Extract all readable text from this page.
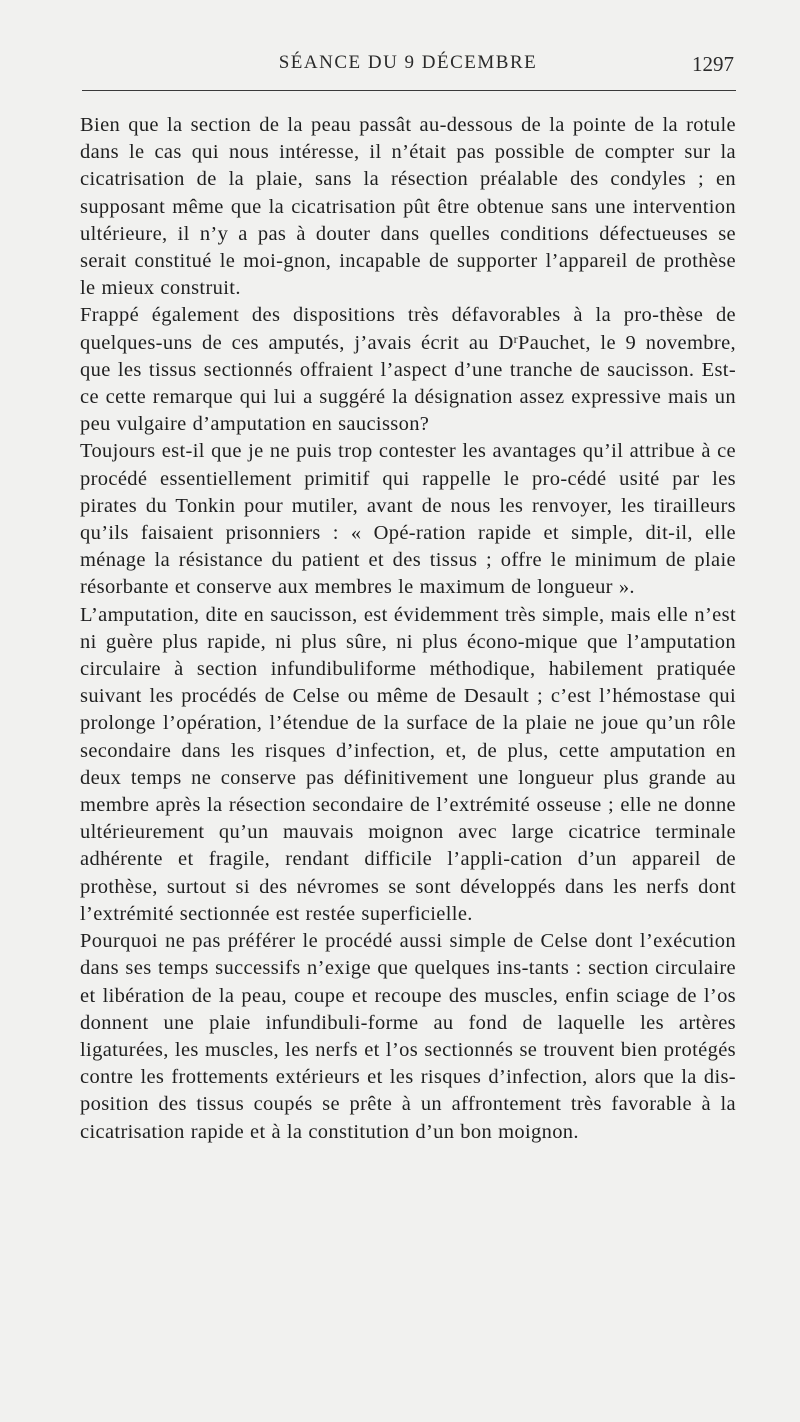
SÉANCE DU 9 DÉCEMBRE	1297

Bien que la section de la peau passât au-dessous de la pointe de la rotule dans le cas qui nous intéresse, il n’était pas possible de compter sur la cicatrisation de la plaie, sans la résection préalable des condyles ; en supposant même que la cicatrisation pût être obtenue sans une intervention ultérieure, il n’y a pas à douter dans quelles conditions défectueuses se serait constitué le moi-gnon, incapable de supporter l’appareil de prothèse le mieux construit.

Frappé également des dispositions très défavorables à la pro-thèse de quelques-uns de ces amputés, j’avais écrit au $D^rPauchet$, le 9 novembre, que les tissus sectionnés offraient l’aspect d’une tranche de saucisson. Est-ce cette remarque qui lui a suggéré la désignation assez expressive mais un peu vulgaire d’amputation en saucisson?

Toujours est-il que je ne puis trop contester les avantages qu’il attribue à ce procédé essentiellement primitif qui rappelle le pro-cédé usité par les pirates du Tonkin pour mutiler, avant de nous les renvoyer, les tirailleurs qu’ils faisaient prisonniers : « Opé-ration rapide et simple, dit-il, elle ménage la résistance du patient et des tissus ; offre le minimum de plaie résorbante et conserve aux membres le maximum de longueur ».

L’amputation, dite en saucisson, est évidemment très simple, mais elle n’est ni guère plus rapide, ni plus sûre, ni plus écono-mique que l’amputation circulaire à section infundibuliforme méthodique, habilement pratiquée suivant les procédés de Celse ou même de Desault ; c’est l’hémostase qui prolonge l’opération, l’étendue de la surface de la plaie ne joue qu’un rôle secondaire dans les risques d’infection, et, de plus, cette amputation en deux temps ne conserve pas définitivement une longueur plus grande au membre après la résection secondaire de l’extrémité osseuse ; elle ne donne ultérieurement qu’un mauvais moignon avec large cicatrice terminale adhérente et fragile, rendant difficile l’appli-cation d’un appareil de prothèse, surtout si des névromes se sont développés dans les nerfs dont l’extrémité sectionnée est restée superficielle.

Pourquoi ne pas préférer le procédé aussi simple de Celse dont l’exécution dans ses temps successifs n’exige que quelques ins-tants : section circulaire et libération de la peau, coupe et recoupe des muscles, enfin sciage de l’os donnent une plaie infundibuli-forme au fond de laquelle les artères ligaturées, les muscles, les nerfs et l’os sectionnés se trouvent bien protégés contre les frottements extérieurs et les risques d’infection, alors que la dis-position des tissus coupés se prête à un affrontement très favorable à la cicatrisation rapide et à la constitution d’un bon moignon.
